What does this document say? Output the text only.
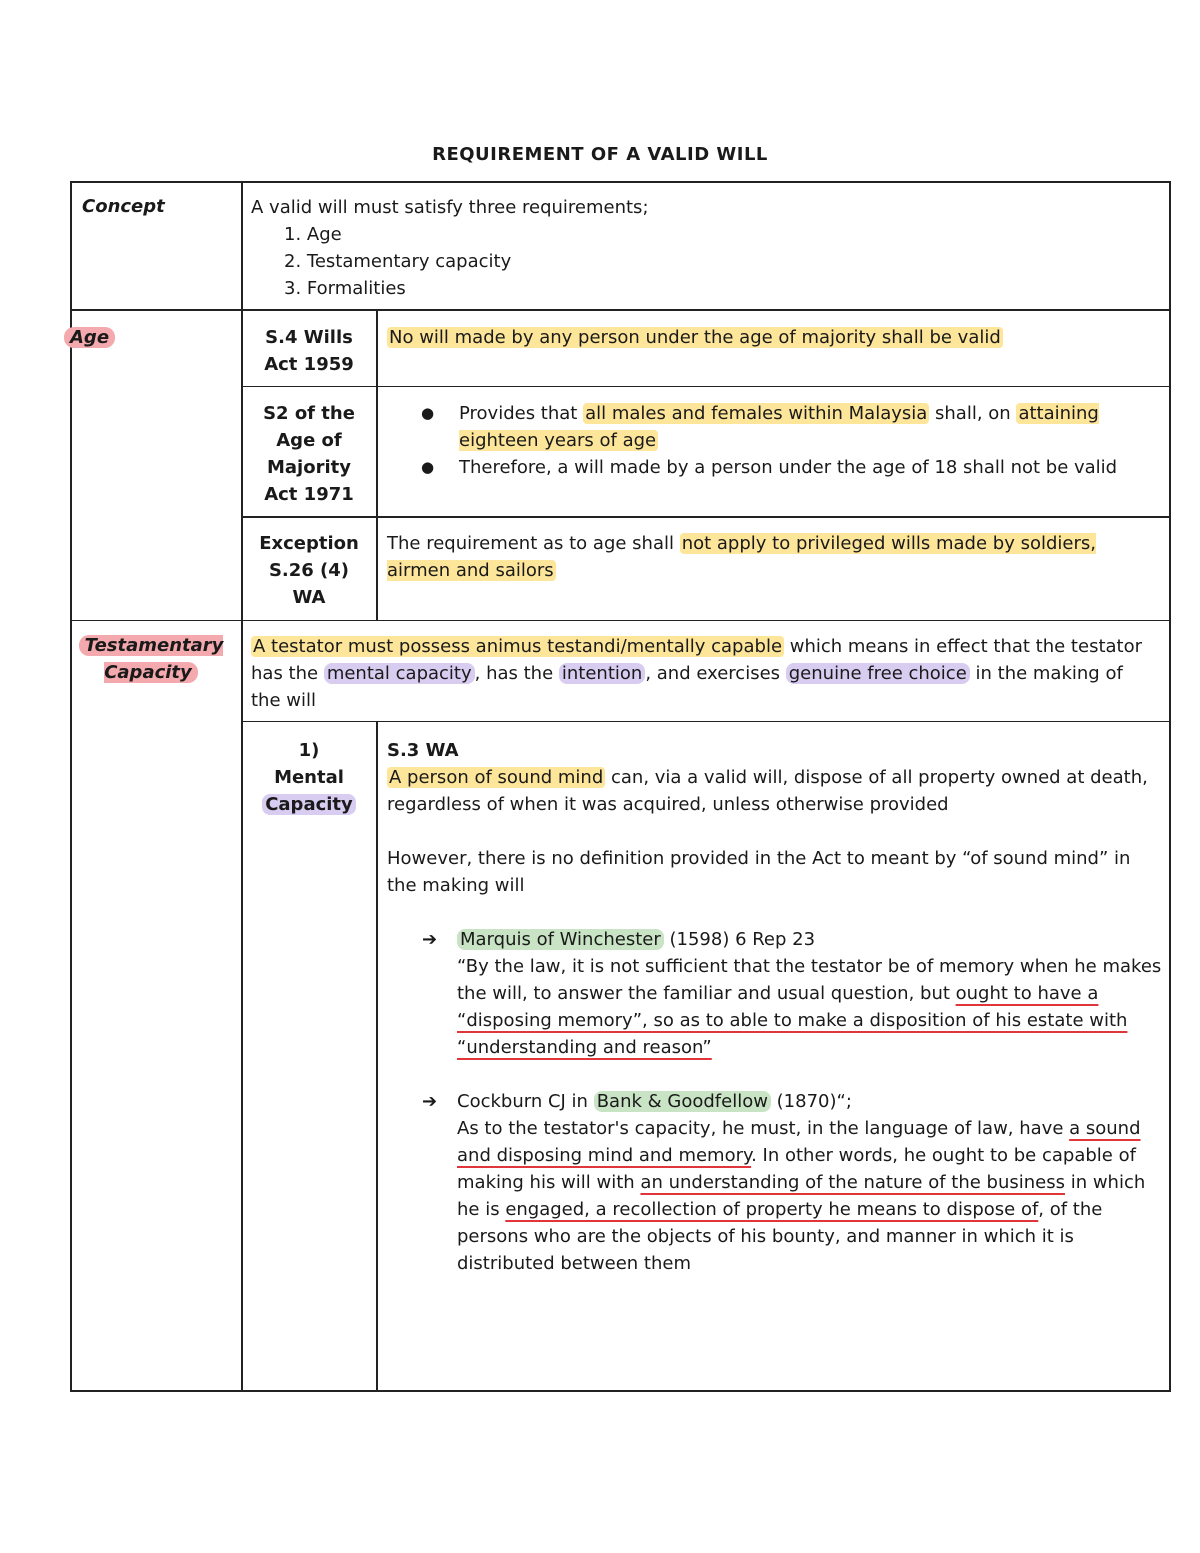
REQUIREMENT OF A VALID WILL
Concept	A valid will must satisfy three requirements;
1. Age
2. Testamentary capacity
3. Formalities
Age	S.4 Wills Act 1959
No will made by any person under the age of majority shall be valid
S2 of the Age of Majority Act 1971
● Provides that all males and females within Malaysia shall, on attaining eighteen years of age
● Therefore, a will made by a person under the age of 18 shall not be valid
Exception S.26 (4) WA
The requirement as to age shall not apply to privileged wills made by soldiers, airmen and sailors
Testamentary Capacity
A testator must possess animus testandi/mentally capable which means in effect that the testator has the mental capacity , has the intention , and exercises genuine free choice in the making of the will
1)
Mental
Capacity
S.3 WA
A person of sound mind can, via a valid will, dispose of all property owned at death, regardless of when it was acquired, unless otherwise provided
However, there is no definition provided in the Act to meant by “of sound mind” in the making will
➔ Marquis of Winchester (1598) 6 Rep 23
“By the law, it is not sufficient that the testator be of memory when he makes the will, to answer the familiar and usual question, but ought to have a “disposing memory”, so as to able to make a disposition of his estate with “understanding and reason”
➔ Cockburn CJ in Bank & Goodfellow (1870)“;
As to the testator's capacity, he must, in the language of law, have a sound and disposing mind and memory. In other words, he ought to be capable of making his will with an understanding of the nature of the business in which he is engaged, a recollection of property he means to dispose of, of the persons who are the objects of his bounty, and manner in which it is distributed between them
